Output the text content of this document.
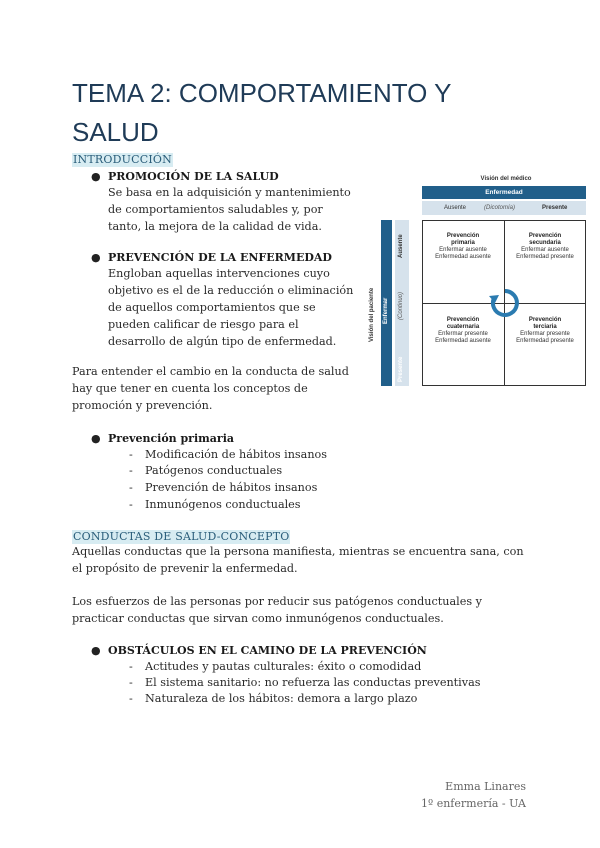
TEMA 2: COMPORTAMIENTO Y SALUD
INTRODUCCIÓN
● PROMOCIÓN DE LA SALUD
Se basa en la adquisición y mantenimiento de comportamientos saludables y, por tanto, la mejora de la calidad de vida.
● PREVENCIÓN DE LA ENFERMEDAD
Engloban aquellas intervenciones cuyo objetivo es el de la reducción o eliminación de aquellos comportamientos que se pueden calificar de riesgo para el desarrollo de algún tipo de enfermedad.
Para entender el cambio en la conducta de salud hay que tener en cuenta los conceptos de promoción y prevención.
● Prevención primaria
- Modificación de hábitos insanos
- Patógenos conductuales
- Prevención de hábitos insanos
- Inmunógenos conductuales
CONDUCTAS DE SALUD-CONCEPTO
Aquellas conductas que la persona manifiesta, mientras se encuentra sana, con el propósito de prevenir la enfermedad.
Los esfuerzos de las personas por reducir sus patógenos conductuales y practicar conductas que sirvan como inmunógenos conductuales.
● OBSTÁCULOS EN EL CAMINO DE LA PREVENCIÓN
- Actitudes y pautas culturales: éxito o comodidad
- El sistema sanitario: no refuerza las conductas preventivas
- Naturaleza de los hábitos: demora a largo plazo
Emma Linares
1º enfermería - UA
Visión del médico
Enfermedad
Ausente	(Dicotomía)	Presente
Visión del paciente Enfermar
Ausente
(Continuo)
Presente
Prevención
primaria
Enfermar ausente
Enfermedad ausente
Prevención
secundaria
Enfermar ausente
Enfermedad presente
Prevención
cuaternaria
Enfermar presente
Enfermedad ausente
Prevención
terciaria
Enfermar presente
Enfermedad presente
